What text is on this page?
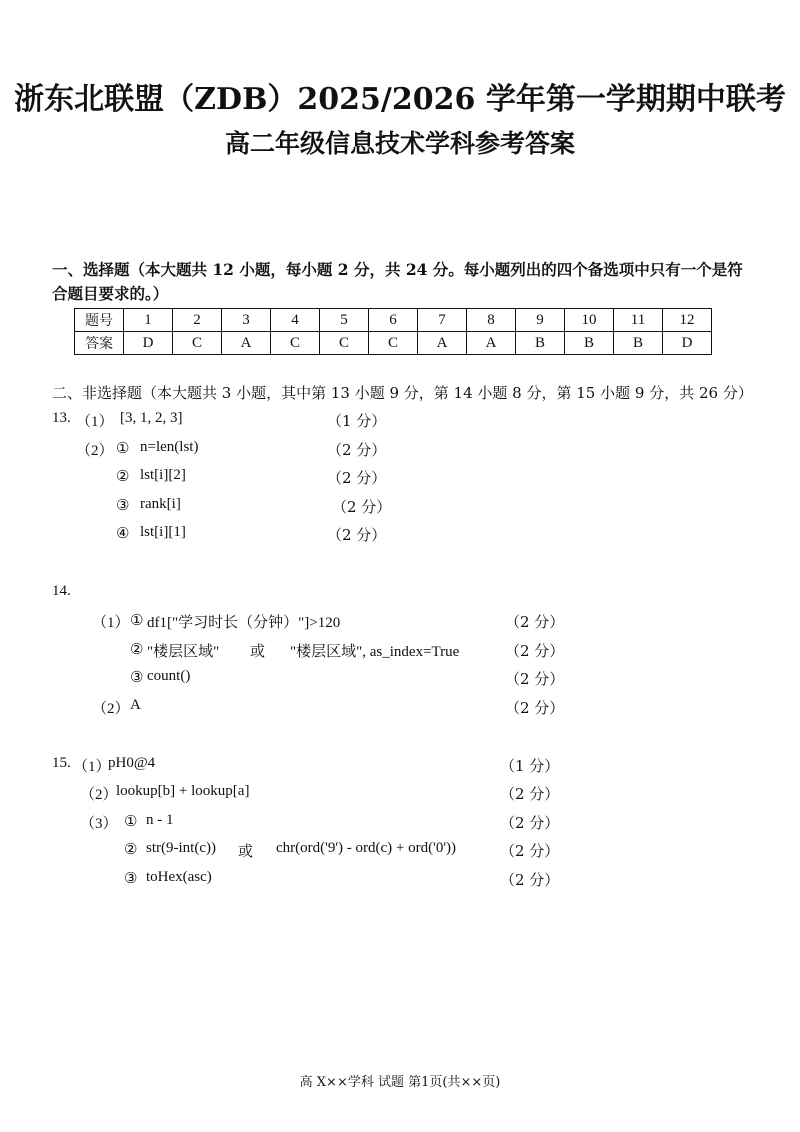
浙东北联盟（ZDB）2025/2026 学年第一学期期中联考
高二年级信息技术学科参考答案
一、选择题（本大题共 12 小题，每小题 2 分，共 24 分。每小题列出的四个备选项中只有一个是符合题目要求的。）
题号	1	2	3	4	5	6	7	8	9	10	11	12
答案	D	C	A	C	C	C	A	A	B	B	B	D
二、非选择题（本大题共 3 小题，其中第 13 小题 9 分，第 14 小题 8 分，第 15 小题 9 分，共 26 分）
13. （1） [3, 1, 2, 3]	（1 分）
（2） ① n=len(lst)	（2 分）
② lst[i][2]	（2 分）
③ rank[i]	（2 分）
④ lst[i][1]	（2 分）
14.
（1） ① df1["学习时长（分钟）"]>120	（2 分）
② "楼层区域" 或 "楼层区域", as_index=True	（2 分）
③ count()	（2 分）
（2） A	（2 分）
15. （1）
pH0@4	（1 分）
（2）
lookup[b] + lookup[a]	（2 分）
（3） ① n - 1	（2 分）
② str(9-int(c)) 或 chr(ord('9') - ord(c) + ord('0'))	（2 分）
③ toHex(asc)	（2 分）
高 X××学科 试题 第1页(共××页)
